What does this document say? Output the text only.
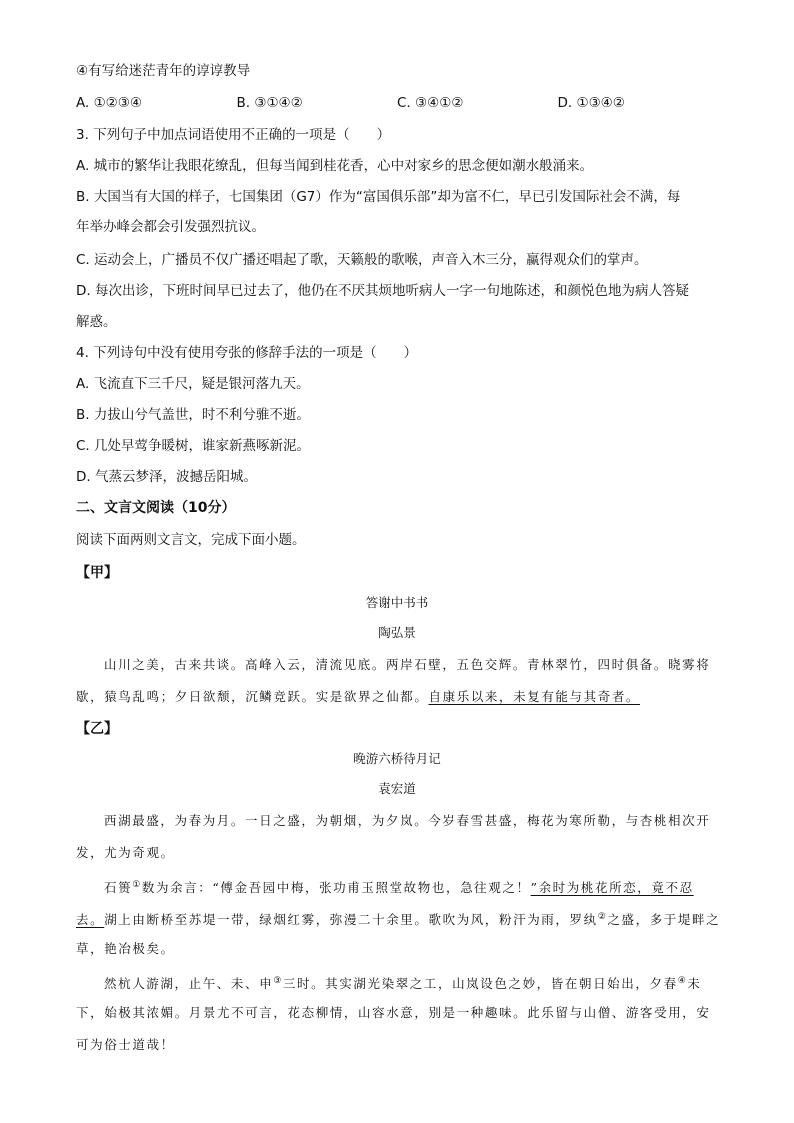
④有写给迷茫青年的谆谆教导
A. ①②③④	B. ③①④②	C. ③④①②	D. ①③④②
3. 下列句子中加点词语使用不正确的一项是（　　）
A. 城市的繁华让我眼花缭乱，但每当闻到桂花香，心中对家乡的思念便如潮水般涌来。
B. 大国当有大国的样子，七国集团（G7）作为“富国俱乐部”却为富不仁，早已引发国际社会不满，每
年举办峰会都会引发强烈抗议。
C. 运动会上，广播员不仅广播还唱起了歌，天籁般的歌喉，声音入木三分，赢得观众们的掌声。
D. 每次出诊，下班时间早已过去了，他仍在不厌其烦地听病人一字一句地陈述，和颜悦色地为病人答疑
解惑。
4. 下列诗句中没有使用夸张的修辞手法的一项是（　　）
A. 飞流直下三千尺，疑是银河落九天。
B. 力拔山兮气盖世，时不利兮骓不逝。
C. 几处早莺争暖树，谁家新燕啄新泥。
D. 气蒸云梦泽，波撼岳阳城。
二、文言文阅读（10分）
阅读下面两则文言文，完成下面小题。
【甲】
答谢中书书
陶弘景
山川之美，古来共谈。高峰入云，清流见底。两岸石壁，五色交辉。青林翠竹，四时俱备。晓雾将
歇，猿鸟乱鸣；夕日欲颓，沉鳞竞跃。实是欲界之仙都。自康乐以来，未复有能与其奇者。
【乙】
晚游六桥待月记
袁宏道
西湖最盛，为春为月。一日之盛，为朝烟，为夕岚。今岁春雪甚盛，梅花为寒所勒，与杏桃相次开
发，尤为奇观。
石篑①数为余言：“傅金吾园中梅，张功甫玉照堂故物也，急往观之！”余时为桃花所恋，竟不忍
去。湖上由断桥至苏堤一带，绿烟红雾，弥漫二十余里。歌吹为风，粉汗为雨，罗纨②之盛，多于堤畔之
草，艳冶极矣。
然杭人游湖，止午、未、申③三时。其实湖光染翠之工，山岚设色之妙，皆在朝日始出，夕春④未
下，始极其浓媚。月景尤不可言，花态柳情，山容水意，别是一种趣味。此乐留与山僧、游客受用，安
可为俗士道哉！
